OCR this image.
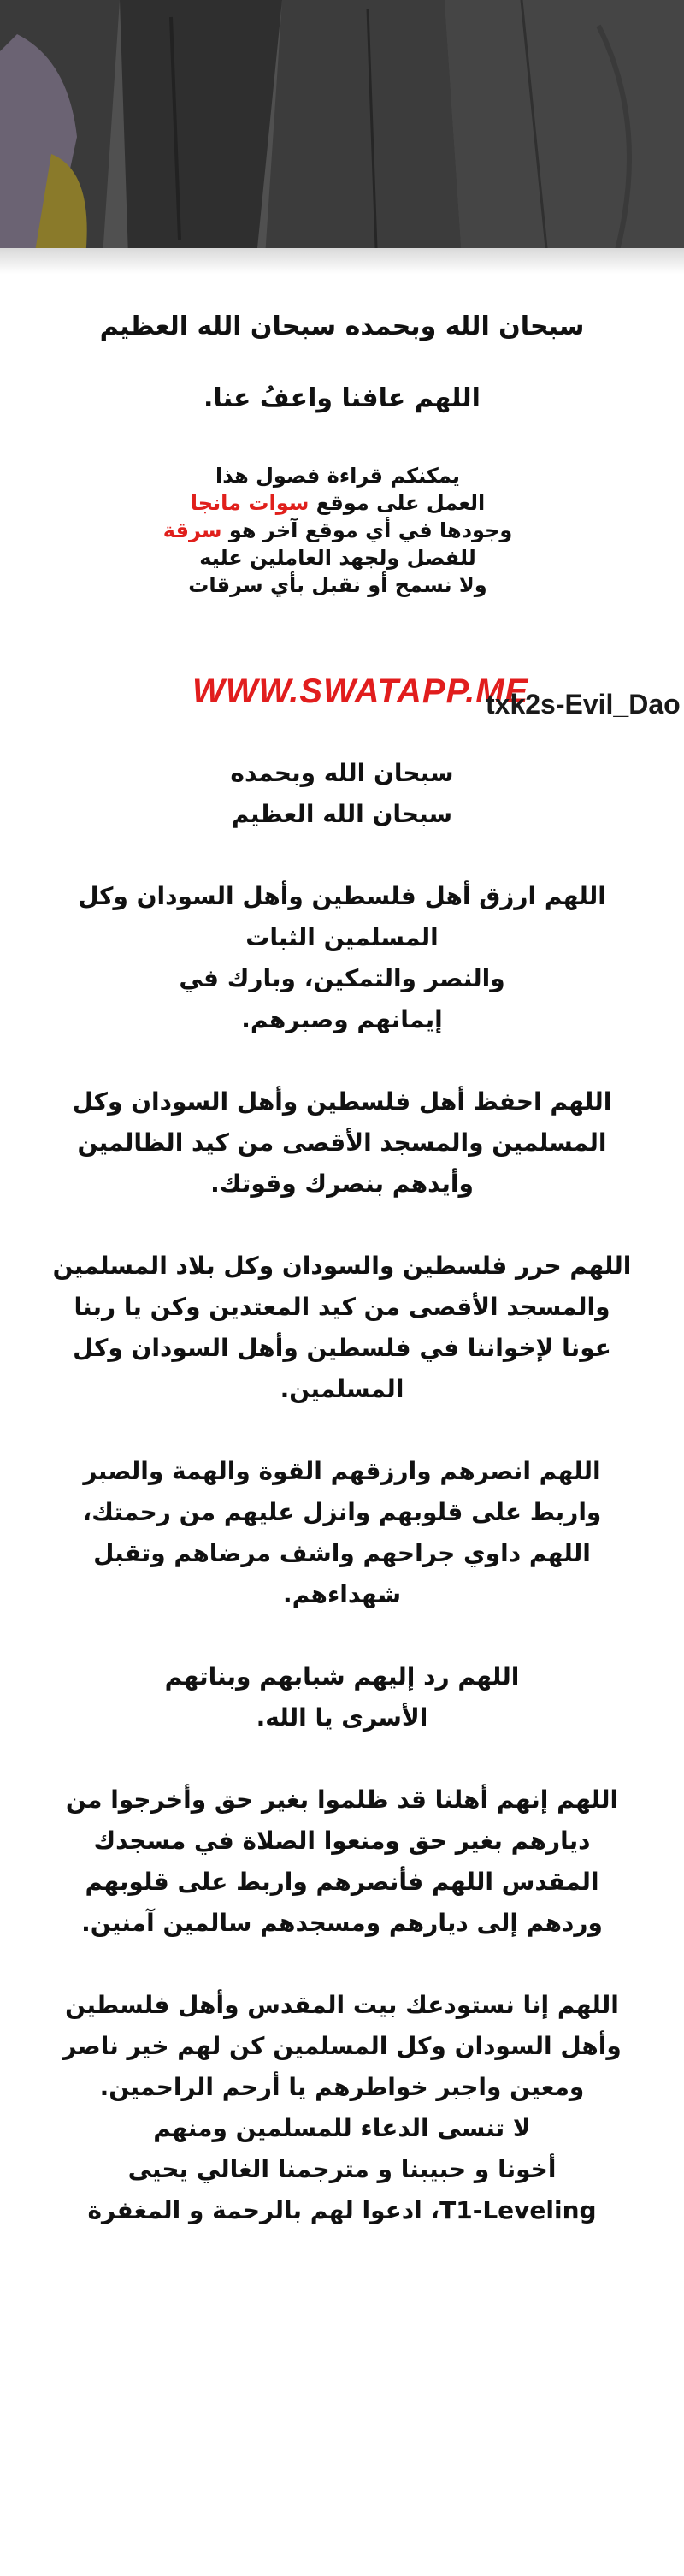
سبحان الله وبحمده سبحان الله العظيم

اللهم عافنا واعفُ عنا.

يمكنكم قراءة فصول هذا
العمل على موقع سوات مانجا
وجودها في أي موقع آخر هو سرقة
للفصل ولجهد العاملين عليه
ولا نسمح أو نقبل بأي سرقات
WWW.SWATAPP.ME
txk2s-Evil_Dao
سبحان الله وبحمده
سبحان الله العظيم
اللهم ارزق أهل فلسطين وأهل السودان وكل
المسلمين الثبات
والنصر والتمكين، وبارك في
إيمانهم وصبرهم.
اللهم احفظ أهل فلسطين وأهل السودان وكل
المسلمين والمسجد الأقصى من كيد الظالمين
وأيدهم بنصرك وقوتك.
اللهم حرر فلسطين والسودان وكل بلاد المسلمين
والمسجد الأقصى من كيد المعتدين وكن يا ربنا
عونا لإخواننا في فلسطين وأهل السودان وكل
المسلمين.
اللهم انصرهم وارزقهم القوة والهمة والصبر
واربط على قلوبهم وانزل عليهم من رحمتك،
اللهم داوي جراحهم واشف مرضاهم وتقبل
شهداءهم.
اللهم رد إليهم شبابهم وبناتهم
الأسرى يا الله.
اللهم إنهم أهلنا قد ظلموا بغير حق وأخرجوا من
ديارهم بغير حق ومنعوا الصلاة في مسجدك
المقدس اللهم فأنصرهم واربط على قلوبهم
وردهم إلى ديارهم ومسجدهم سالمين آمنين.
اللهم إنا نستودعك بيت المقدس وأهل فلسطين
وأهل السودان وكل المسلمين كن لهم خير ناصر
ومعين واجبر خواطرهم يا أرحم الراحمين.
لا تنسى الدعاء للمسلمين ومنهم
أخونا و حبيبنا و مترجمنا الغالي يحيى
T1-Leveling، ادعوا لهم بالرحمة و المغفرة
